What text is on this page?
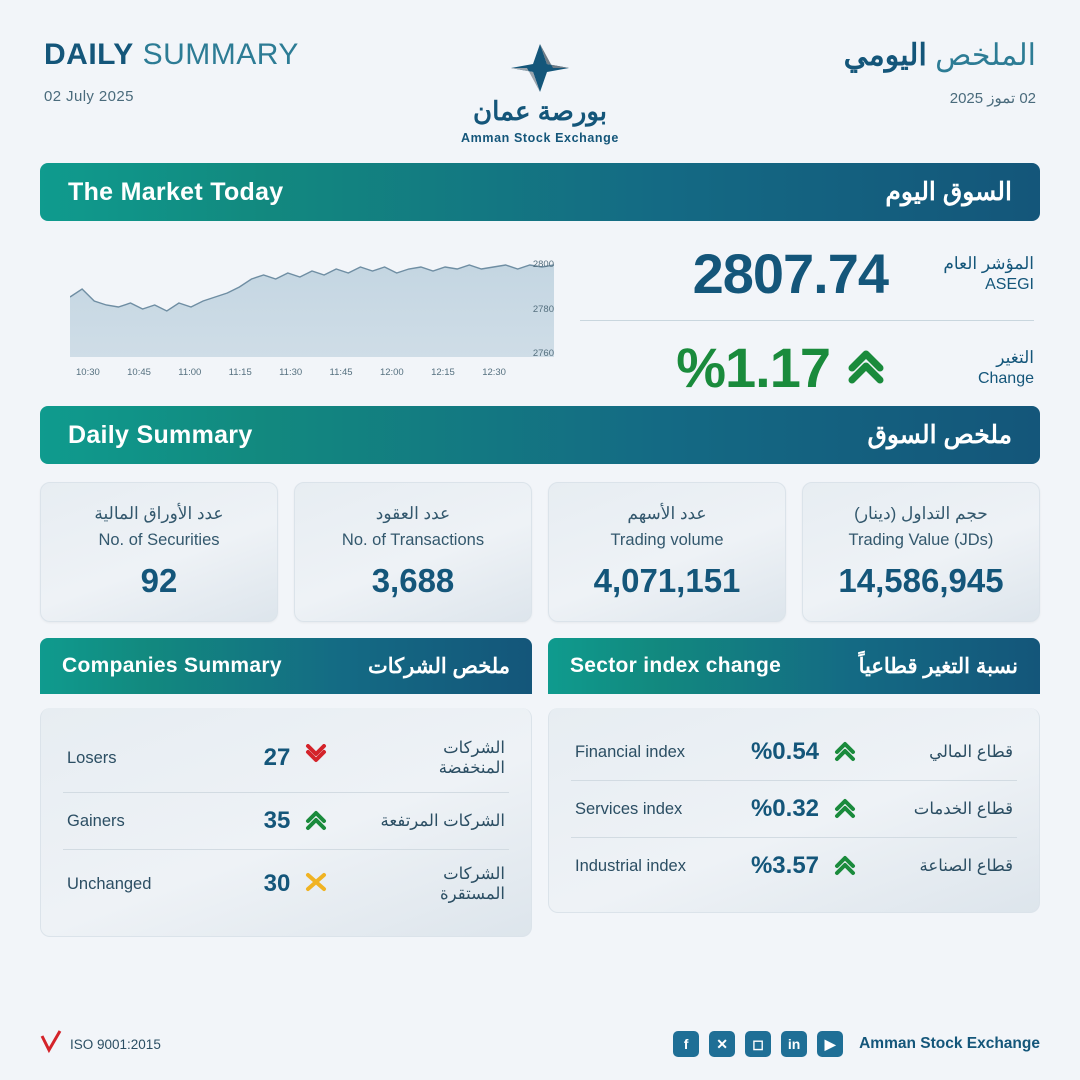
DAILY SUMMARY
02 July 2025	بورصة عمان
Amman Stock Exchange
الملخص اليومي
02 تموز 2025
The Market Today	السوق اليوم
2800
2780
2760
10:30	10:45	11:00	11:15	11:30	11:45	12:00	12:15	12:30
2807.74	المؤشر العام
ASEGI
%1.17	التغير
Change
Daily Summary	ملخص السوق
عدد الأوراق المالية
No. of Securities
92
عدد العقود
No. of Transactions
3,688
عدد الأسهم
Trading volume
4,071,151
حجم التداول (دينار)
Trading Value (JDs)
14,586,945
Companies Summary	ملخص الشركات
Losers	27	الشركات المنخفضة
Gainers	35	الشركات المرتفعة
Unchanged	30	الشركات المستقرة
Sector index change	نسبة التغير قطاعياً
Financial index	%0.54	قطاع المالي
Services index	%0.32	قطاع الخدمات
Industrial index	%3.57	قطاع الصناعة
ISO 9001:2015	f	✕	◻	in	▶	Amman Stock Exchange
